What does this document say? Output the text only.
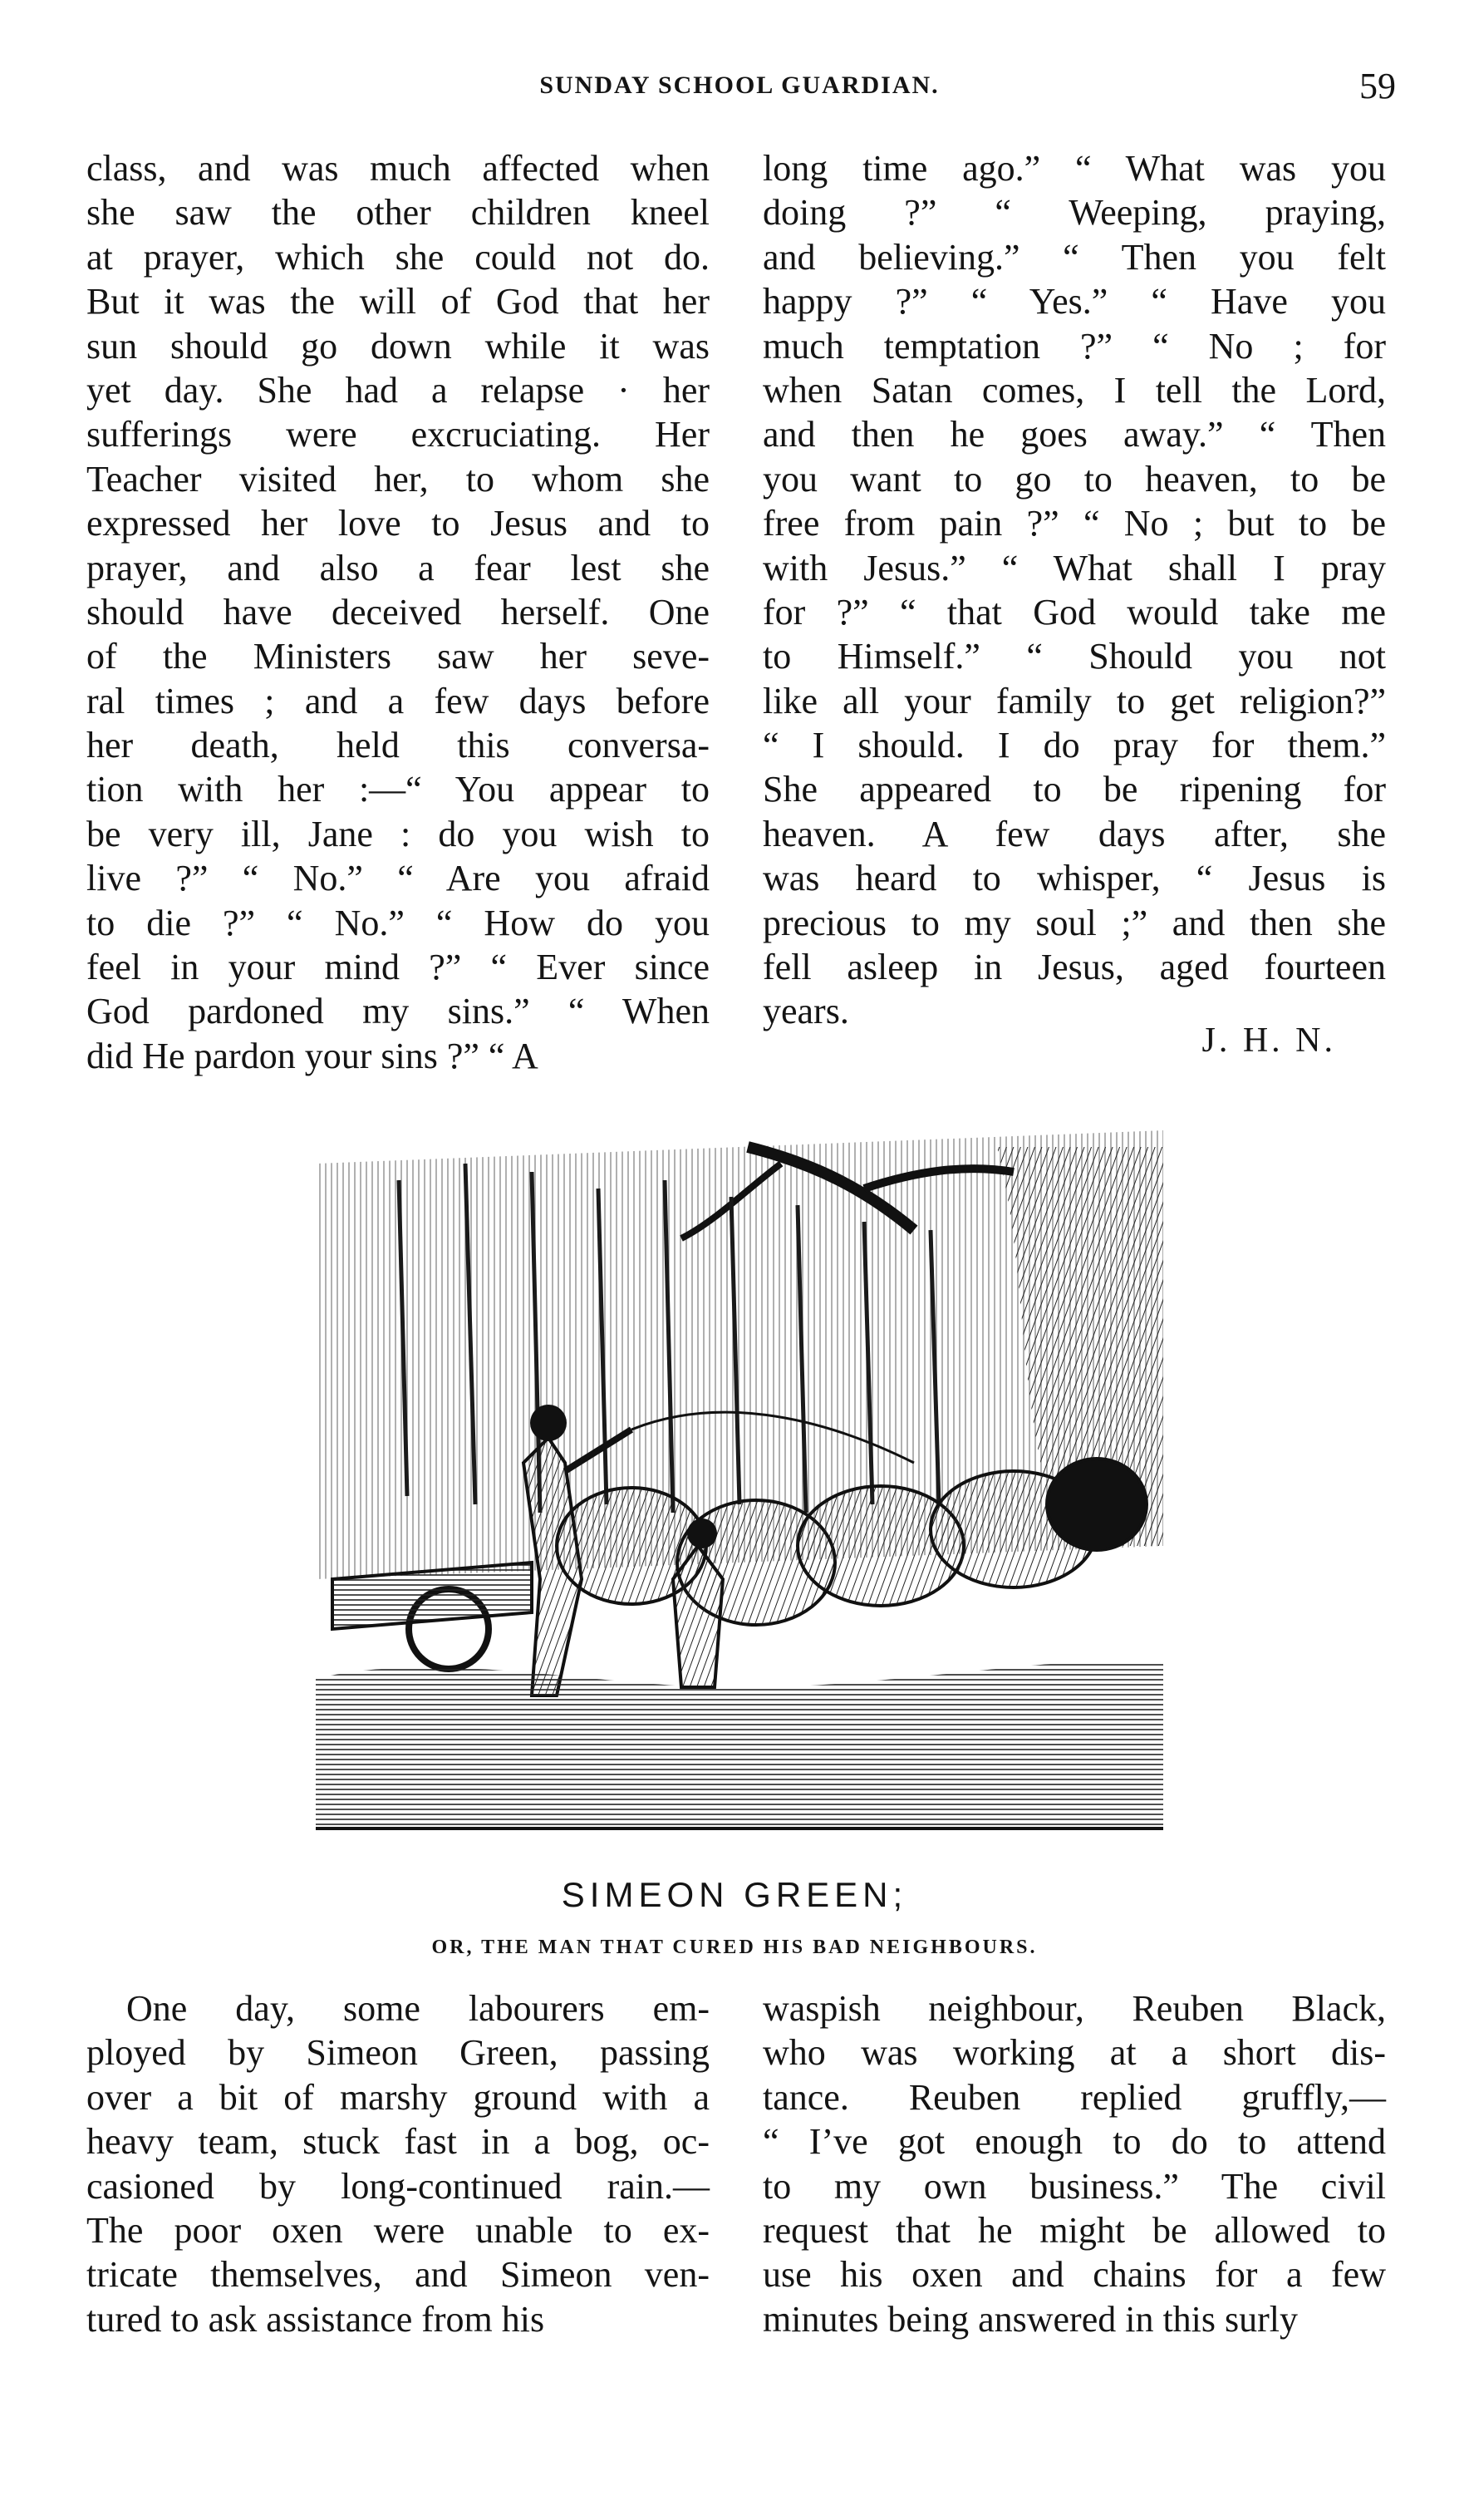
SUNDAY SCHOOL GUARDIAN.	59
class, and was much affected when
she saw the other children kneel
at prayer, which she could not do.
But it was the will of God that her
sun should go down while it was
yet day. She had a relapse · her
sufferings were excruciating. Her
Teacher visited her, to whom she
expressed her love to Jesus and to
prayer, and also a fear lest she
should have deceived herself. One
of the Ministers saw her seve-
ral times ; and a few days before
her death, held this conversa-
tion with her :—“ You appear to
be very ill, Jane : do you wish to
live ?” “ No.” “ Are you afraid
to die ?” “ No.” “ How do you
feel in your mind ?” “ Ever since
God pardoned my sins.” “ When
did He pardon your sins ?” “ A
long time ago.” “ What was you
doing ?” “ Weeping, praying,
and believing.” “ Then you felt
happy ?” “ Yes.” “ Have you
much temptation ?” “ No ; for
when Satan comes, I tell the Lord,
and then he goes away.” “ Then
you want to go to heaven, to be
free from pain ?” “ No ; but to be
with Jesus.” “ What shall I pray
for ?” “ that God would take me
to Himself.” “ Should you not
like all your family to get religion?”
“ I should. I do pray for them.”
She appeared to be ripening for
heaven. A few days after, she
was heard to whisper, “ Jesus is
precious to my soul ;” and then she
fell asleep in Jesus, aged fourteen
years.
J. H. N.
SIMEON GREEN;
OR, THE MAN THAT CURED HIS BAD NEIGHBOURS.
One day, some labourers em-
ployed by Simeon Green, passing
over a bit of marshy ground with a
heavy team, stuck fast in a bog, oc-
casioned by long-continued rain.—
The poor oxen were unable to ex-
tricate themselves, and Simeon ven-
tured to ask assistance from his
waspish neighbour, Reuben Black,
who was working at a short dis-
tance. Reuben replied gruffly,—
“ I’ve got enough to do to attend
to my own business.” The civil
request that he might be allowed to
use his oxen and chains for a few
minutes being answered in this surly
